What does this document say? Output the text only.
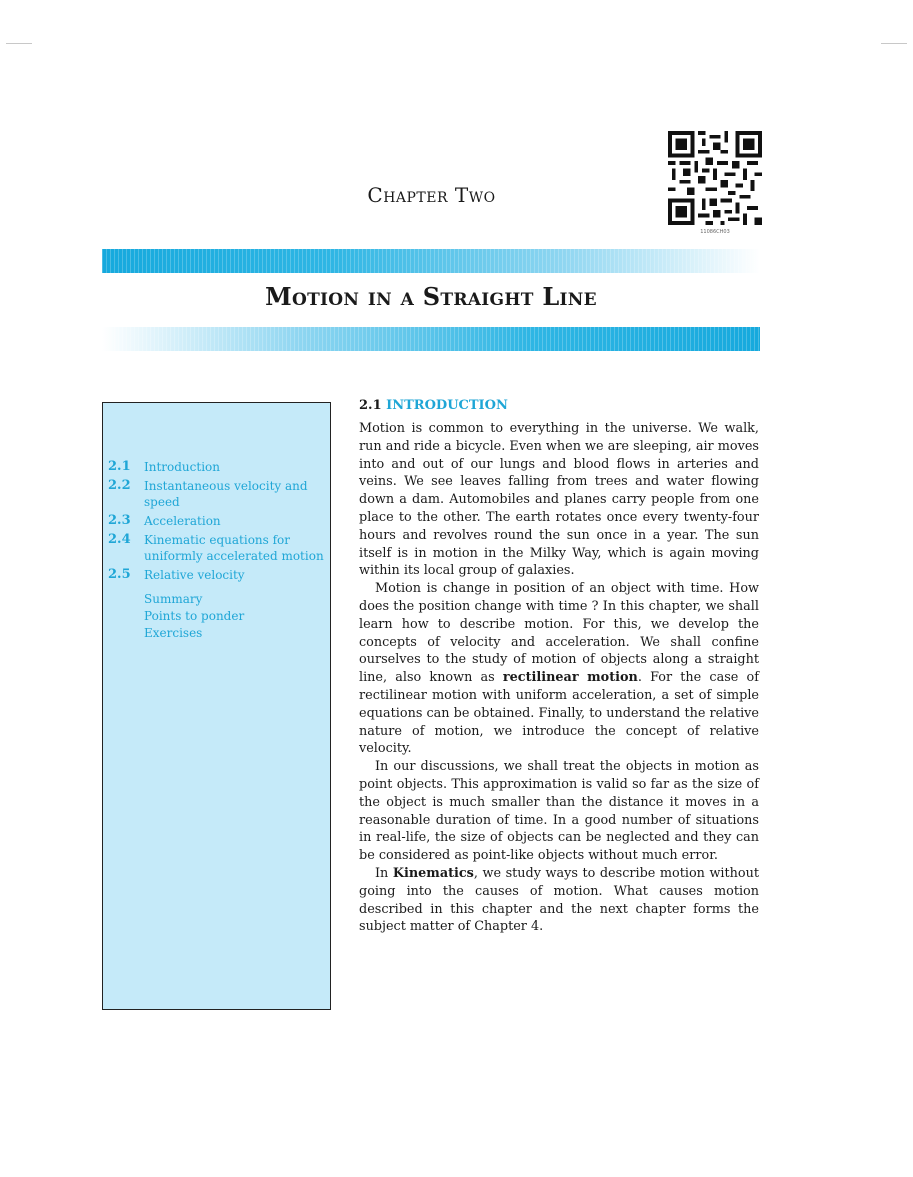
11086CH03
Chapter Two
Motion in a Straight Line
2.1	Introduction
2.2	Instantaneous velocity and speed
2.3	Acceleration
2.4	Kinematic equations for uniformly accelerated motion
2.5	Relative velocity
Summary
Points to ponder
Exercises
2.1 INTRODUCTION

Motion is common to everything in the universe. We walk, run and ride a bicycle. Even when we are sleeping, air moves into and out of our lungs and blood flows in arteries and veins. We see leaves falling from trees and water flowing down a dam. Automobiles and planes carry people from one place to the other. The earth rotates once every twenty-four hours and revolves round the sun once in a year. The sun itself is in motion in the Milky Way, which is again moving within its local group of galaxies.

Motion is change in position of an object with time. How does the position change with time ? In this chapter, we shall learn how to describe motion. For this, we develop the concepts of velocity and acceleration. We shall confine ourselves to the study of motion of objects along a straight line, also known as rectilinear motion. For the case of rectilinear motion with uniform acceleration, a set of simple equations can be obtained. Finally, to understand the relative nature of motion, we introduce the concept of relative velocity.

In our discussions, we shall treat the objects in motion as point objects. This approximation is valid so far as the size of the object is much smaller than the distance it moves in a reasonable duration of time. In a good number of situations in real-life, the size of objects can be neglected and they can be considered as point-like objects without much error.

In Kinematics, we study ways to describe motion without going into the causes of motion. What causes motion described in this chapter and the next chapter forms the subject matter of Chapter 4.
